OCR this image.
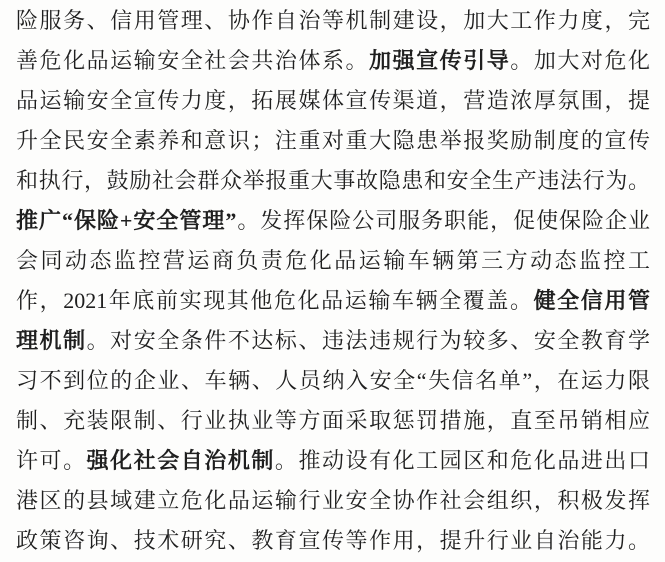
险服务、信用管理、协作自治等机制建设，加大工作力度，完
善危化品运输安全社会共治体系。加强宣传引导。加大对危化
品运输安全宣传力度，拓展媒体宣传渠道，营造浓厚氛围，提
升全民安全素养和意识；注重对重大隐患举报奖励制度的宣传
和执行，鼓励社会群众举报重大事故隐患和安全生产违法行为。
推广“保险+安全管理”。发挥保险公司服务职能，促使保险企业
会同动态监控营运商负责危化品运输车辆第三方动态监控工
作，2021年底前实现其他危化品运输车辆全覆盖。健全信用管
理机制。对安全条件不达标、违法违规行为较多、安全教育学
习不到位的企业、车辆、人员纳入安全“失信名单”，在运力限
制、充装限制、行业执业等方面采取惩罚措施，直至吊销相应
许可。强化社会自治机制。推动设有化工园区和危化品进出口
港区的县域建立危化品运输行业安全协作社会组织，积极发挥
政策咨询、技术研究、教育宣传等作用，提升行业自治能力。
